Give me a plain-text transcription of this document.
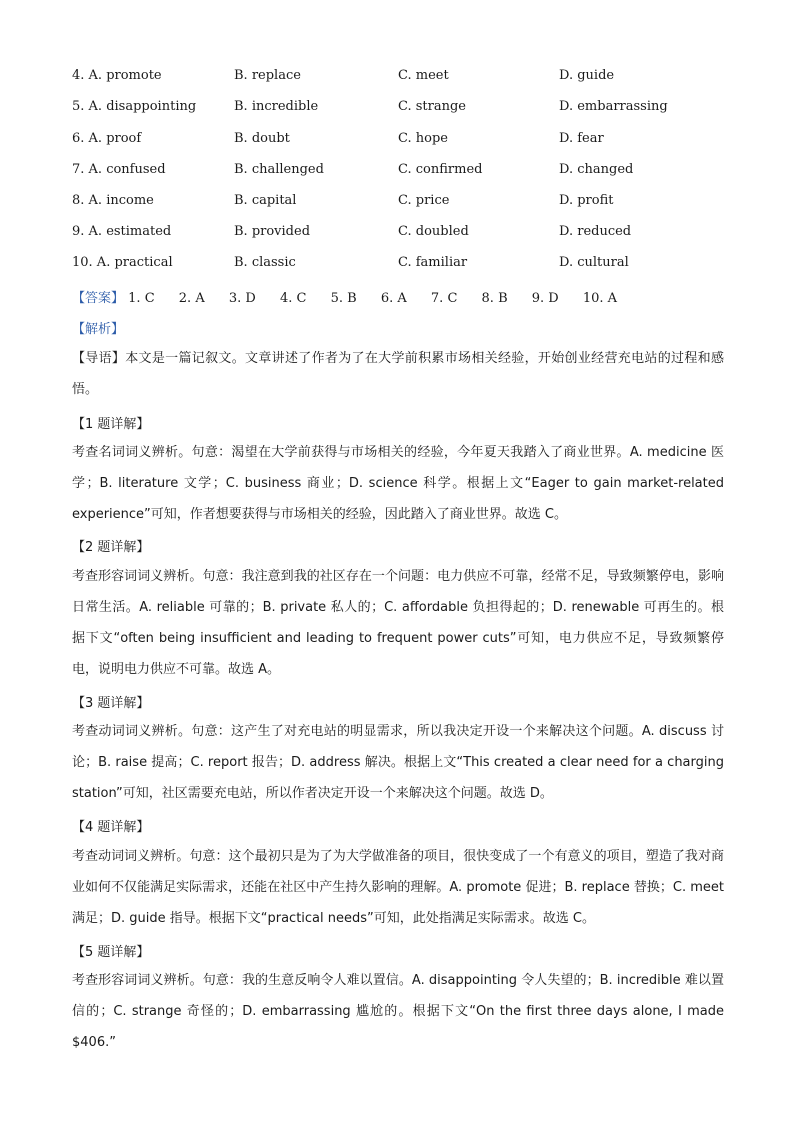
4. A. promote	B. replace	C. meet	D. guide
5. A. disappointing	B. incredible	C. strange	D. embarrassing
6. A. proof	B. doubt	C. hope	D. fear
7. A. confused	B. challenged	C. confirmed	D. changed
8. A. income	B. capital	C. price	D. profit
9. A. estimated	B. provided	C. doubled	D. reduced
10. A. practical	B. classic	C. familiar	D. cultural
【答案】 1. C 2. A 3. D 4. C 5. B 6. A 7. C 8. B 9. D 10. A
【解析】
【导语】本文是一篇记叙文。文章讲述了作者为了在大学前积累市场相关经验，开始创业经营充电站的过程和感悟。
【1 题详解】
考查名词词义辨析。句意：渴望在大学前获得与市场相关的经验，今年夏天我踏入了商业世界。A. medicine 医学；B. literature 文学；C. business 商业；D. science 科学。根据上文“Eager to gain market-related experience”可知，作者想要获得与市场相关的经验，因此踏入了商业世界。故选 C。
【2 题详解】
考查形容词词义辨析。句意：我注意到我的社区存在一个问题：电力供应不可靠，经常不足，导致频繁停电，影响日常生活。A. reliable 可靠的；B. private 私人的；C. affordable 负担得起的；D. renewable 可再生的。根据下文“often being insufficient and leading to frequent power cuts”可知，电力供应不足，导致频繁停电，说明电力供应不可靠。故选 A。
【3 题详解】
考查动词词义辨析。句意：这产生了对充电站的明显需求，所以我决定开设一个来解决这个问题。A. discuss 讨论；B. raise 提高；C. report 报告；D. address 解决。根据上文“This created a clear need for a charging station”可知，社区需要充电站，所以作者决定开设一个来解决这个问题。故选 D。
【4 题详解】
考查动词词义辨析。句意：这个最初只是为了为大学做准备的项目，很快变成了一个有意义的项目，塑造了我对商业如何不仅能满足实际需求，还能在社区中产生持久影响的理解。A. promote 促进；B. replace 替换；C. meet 满足；D. guide 指导。根据下文“practical needs”可知，此处指满足实际需求。故选 C。
【5 题详解】
考查形容词词义辨析。句意：我的生意反响令人难以置信。A. disappointing 令人失望的；B. incredible 难以置信的；C. strange 奇怪的；D. embarrassing 尴尬的。根据下文“On the first three days alone, I made $406.”
